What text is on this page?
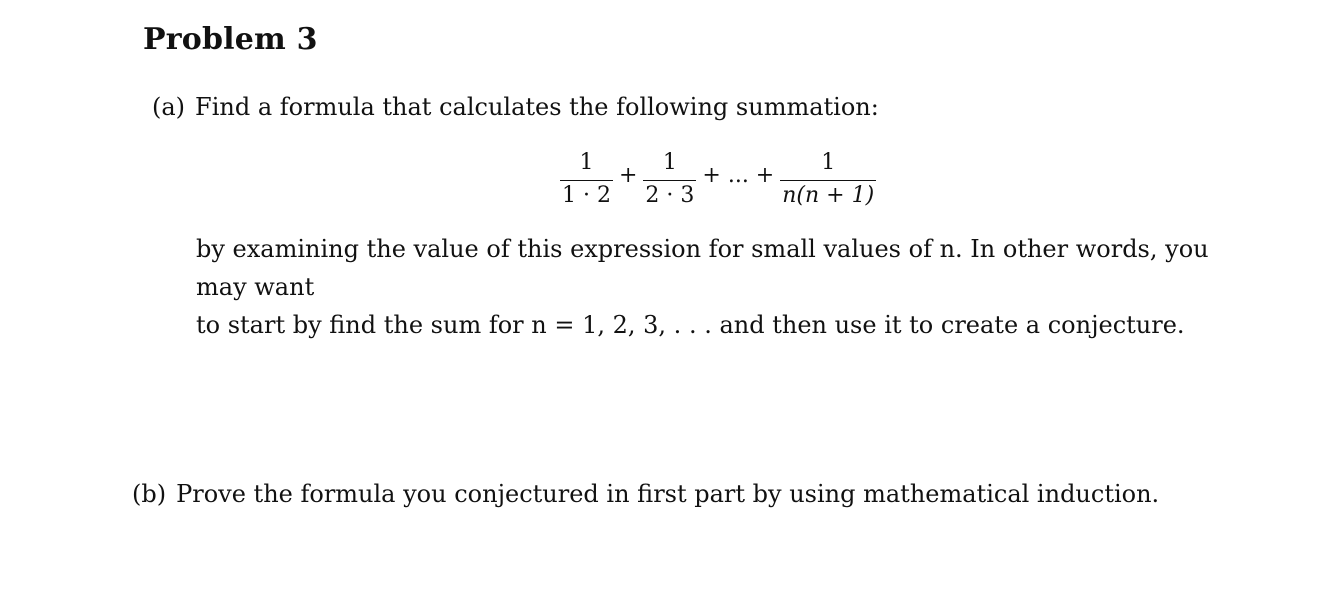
Problem 3
(a) Find a formula that calculates the following summation:
$\frac{1}{1 \cdot 2} + \frac{1}{2 \cdot 3}$ + ... + $\frac{1}{n(n + 1)}$
by examining the value of this expression for small values of n. In other words, you may want
to start by find the sum for n = 1, 2, 3, . . . and then use it to create a conjecture.
(b) Prove the formula you conjectured in first part by using mathematical induction.
